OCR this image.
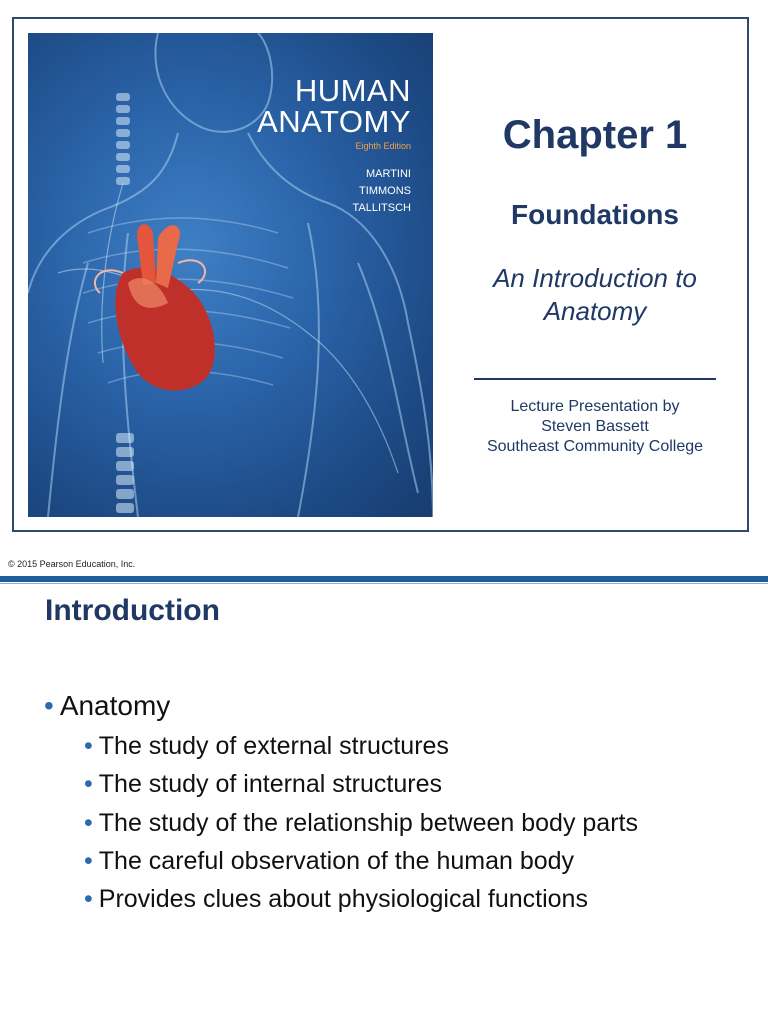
HUMAN
ANATOMY
Eighth Edition
MARTINI
TIMMONS
TALLITSCH
Chapter 1
Foundations
An Introduction to
Anatomy
Lecture Presentation by
Steven Bassett
Southeast Community College
© 2015 Pearson Education, Inc.
Introduction
• Anatomy
• The study of external structures
• The study of internal structures
• The study of the relationship between body parts
• The careful observation of the human body
• Provides clues about physiological functions
